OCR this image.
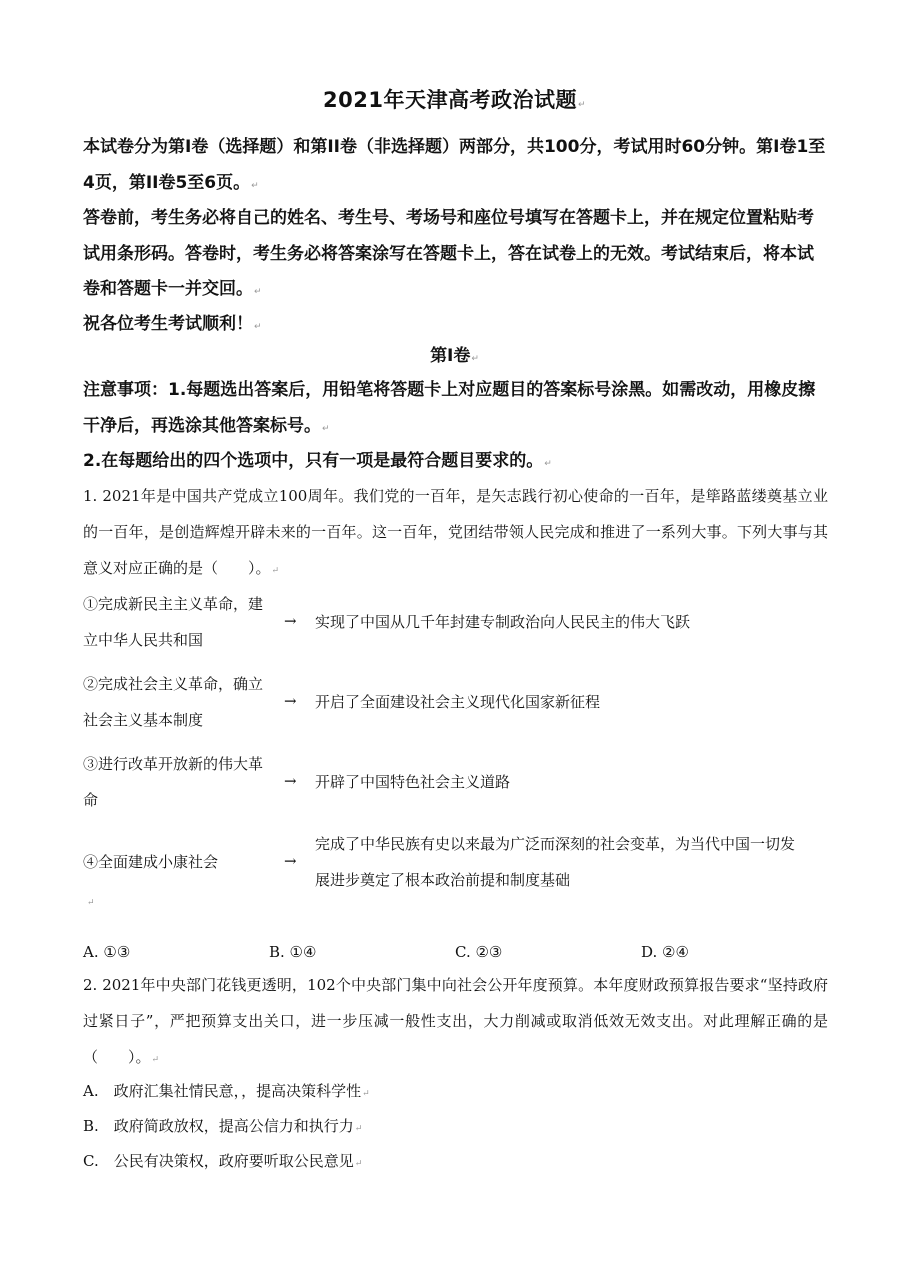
2021年天津高考政治试题↵
本试卷分为第I卷（选择题）和第II卷（非选择题）两部分，共100分，考试用时60分钟。第I卷1至4页，第II卷5至6页。↵
答卷前，考生务必将自己的姓名、考生号、考场号和座位号填写在答题卡上，并在规定位置粘贴考试用条形码。答卷时，考生务必将答案涂写在答题卡上，答在试卷上的无效。考试结束后，将本试卷和答题卡一并交回。↵
祝各位考生考试顺利！↵
第I卷↵
注意事项：1.每题选出答案后，用铅笔将答题卡上对应题目的答案标号涂黑。如需改动，用橡皮擦干净后，再选涂其他答案标号。↵
2.在每题给出的四个选项中，只有一项是最符合题目要求的。↵
1. 2021年是中国共产党成立100周年。我们党的一百年，是矢志践行初心使命的一百年，是筚路蓝缕奠基立业的一百年，是创造辉煌开辟未来的一百年。这一百年，党团结带领人民完成和推进了一系列大事。下列大事与其意义对应正确的是（　　）。↵
①完成新民主主义革命，建立中华人民共和国
→ 实现了中国从几千年封建专制政治向人民民主的伟大飞跃
②完成社会主义革命，确立社会主义基本制度
→ 开启了全面建设社会主义现代化国家新征程
③进行改革开放新的伟大革命
→ 开辟了中国特色社会主义道路
④全面建成小康社会	→
完成了中华民族有史以来最为广泛而深刻的社会变革，为当代中国一切发展进步奠定了根本政治前提和制度基础
↵
A. ①③	B. ①④	C. ②③	D. ②④
2. 2021年中央部门花钱更透明，102个中央部门集中向社会公开年度预算。本年度财政预算报告要求“坚持政府过紧日子”，严把预算支出关口，进一步压减一般性支出，大力削减或取消低效无效支出。对此理解正确的是（　　）。↵
A.　政府汇集社情民意，，提高决策科学性↵
B.　政府简政放权，提高公信力和执行力↵
C.　公民有决策权，政府要听取公民意见↵
